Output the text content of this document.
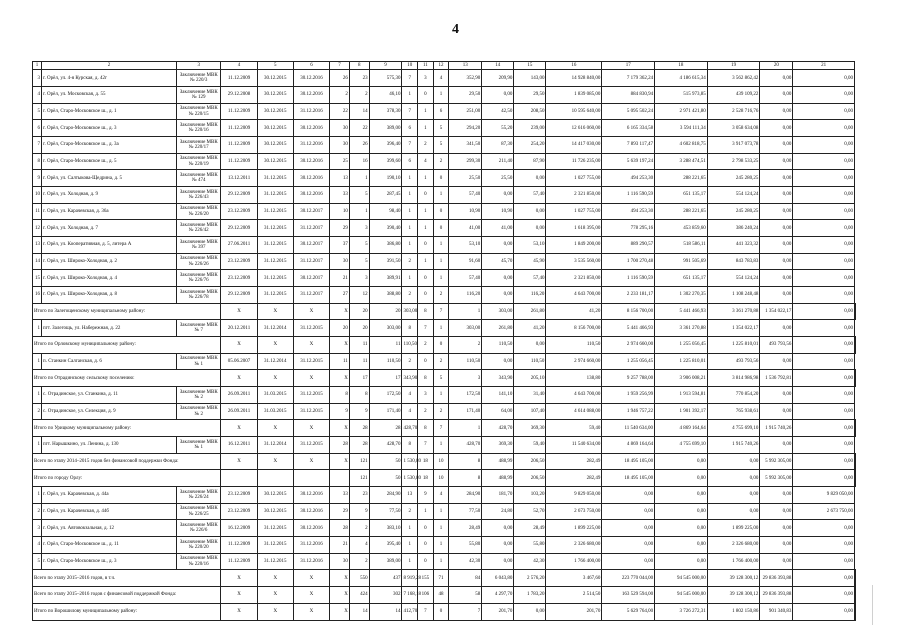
4
1	2	3	4	5	6	7	8	9	10	11	12	13	14	15	16	17	18	19	20	21	
3	г. Орёл, ул. 4-я Курская, д. 42г	Заключение МВК № 220/3	11.12.2009	30.12.2015	30.12.2016	26	23	575,30	7	3	4	352,90	209,90	143,00	14 928 840,00	7 179 362,24	4 186 615,34	3 562 862,42	0,00	0,00	
4	г. Орёл, ул. Московская, д. 55	Заключение МВК № 129	29.12.2008	30.12.2015	30.12.2016	2	2	46,10	1	0	1	29,50	0,00	29,50	1 839 085,00	884 830,94	515 973,85	439 109,22	0,00	0,00	
5	г. Орёл, Старо-Московское ш., д. 1	Заключение МВК № 220/15	11.12.2009	30.12.2015	31.12.2016	22	14	378,30	7	1	6	251,00	42,50	208,50	10 595 640,00	5 095 502,24	2 971 421,80	2 528 716,76	0,00	0,00	
6	г. Орёл, Старо-Московское ш., д. 3	Заключение МВК № 220/16	11.12.2009	30.12.2015	30.12.2016	30	22	389,00	6	1	5	294,20	55,20	239,00	12 616 060,00	6 165 334,58	3 594 111,34	3 058 634,08	0,00	0,00	
7	г. Орёл, Старо-Московское ш., д. 3а	Заключение МВК № 220/17	11.12.2009	30.12.2015	31.12.2016	30	26	396,40	7	2	5	341,50	87,30	254,20	14 417 030,00	7 893 117,47	4 602 818,75	3 917 073,78	0,00	0,00	
8	г. Орёл, Старо-Московское ш., д. 5	Заключение МВК № 220/19	11.12.2009	30.12.2015	30.12.2016	25	16	399,60	6	4	2	299,30	211,40	87,90	11 726 235,00	5 639 197,24	3 288 474,51	2 798 533,25	0,00	0,00	
9	г. Орёл, ул. Салтыкова-Щедрина, д. 5	Заключение МВК № 474	13.12.2011	31.12.2015	30.12.2016	13	1	190,10	1	1	0	25,50	25,50	0,00	1 027 755,00	494 253,30	288 221,65	245 280,25	0,00	0,00	
10	г. Орёл, ул. Холодная, д. 9	Заключение МВК № 226/43	29.12.2009	31.12.2015	30.12.2016	33	5	287,45	1	0	1	57,40	0,00	57,40	2 321 850,00	1 116 590,59	651 135,17	554 124,24	0,00	0,00	
11	г. Орёл, ул. Карачевская, д. 36а	Заключение МВК № 226/20	23.12.2009	31.12.2015	30.12.2017	10	1	98,40	1	1	0	10,90	10,90	0,00	1 027 755,00	494 253,30	288 221,65	245 280,25	0,00	0,00	
12	г. Орёл, ул. Холодная, д. 7	Заключение МВК № 226/42	29.12.2009	31.12.2015	31.12.2017	29	3	390,40	1	1	0	41,00	41,00	0,00	1 618 395,00	778 295,16	453 859,60	386 240,24	0,00	0,00	
13	г. Орёл, ул. Кооперативная, д. 5, литера А	Заключение МВК № 397	27.06.2011	31.12.2015	30.12.2017	37	5	386,80	1	0	1	53,10	0,00	53,10	1 849 200,00	889 290,57	518 586,11	441 323,32	0,00	0,00	
14	г. Орёл, ул. Широко-Холодная, д. 2	Заключение МВК № 226/26	23.12.2009	31.12.2015	31.12.2017	30	5	391,50	2	1	1	91,60	45,70	45,90	3 535 560,00	1 700 270,48	991 505,69	843 783,83	0,00	0,00	
15	г. Орёл, ул. Широко-Холодная, д. 4	Заключение МВК № 226/76	23.12.2009	31.12.2015	30.12.2017	21	3	389,91	1	0	1	57,40	0,00	57,40	2 321 850,00	1 116 590,59	651 135,17	554 124,24	0,00	0,00	
16	г. Орёл, ул. Широко-Холодная, д. 8	Заключение МВК № 226/78	29.12.2009	31.12.2015	31.12.2017	27	12	388,80	2	0	2	116,20	0,00	116,20	4 643 700,00	2 233 181,17	1 302 270,35	1 108 248,48	0,00	0,00	
Итого по Залегощенскому муниципальному району:			X	X	X	X	20	20	303,00	8	7	1	303,00	261,80	41,20	8 156 700,00	5 441 466,93	3 361 270,88	1 354 022,17	0,00	
1	пгт. Залегощь, ул. Набережная, д. 22	Заключение МВК № 7	20.12.2011	31.12.2014	31.12.2015	20	20	303,00	8	7	1	303,00	261,80	41,20	8 156 700,00	5 441 466,93	3 361 270,88	1 354 022,17	0,00	0,00	
Итого по Орловскому муниципальному району:			X	X	X	X	11	11	110,50	2	0	2	110,50	0,00	110,50	2 974 660,00	1 255 056,45	1 225 810,01	493 793,56	0,00	
1	п. Станкин Салганская, д. 6	Заключение МВК № 1	05.06.2007	31.12.2014	31.12.2015	11	11	110,50	2	0	2	110,50	0,00	110,50	2 974 660,00	1 255 056,45	1 225 810,01	493 793,56	0,00	0,00	
Итого по Отрадинскому сельскому поселению:			X	X	X	X	17	17	343,90	8	5	3	343,90	205,10	138,80	9 257 788,00	3 906 008,21	3 814 986,98	1 536 792,81	0,00	
1	с. Отрадинское, ул. Станкина, д. 11	Заключение МВК № 2	26.09.2011	31.03.2015	31.12.2015	8	8	172,50	4	3	1	172,50	141,10	31,40	4 643 700,00	1 959 256,99	1 913 594,81	770 854,20	0,00	0,00	
2	с. Отрадинское, ул. Селекция, д. 9	Заключение МВК № 2	26.09.2011	31.03.2015	31.12.2015	9	9	171,40	4	2	2	171,40	64,00	107,40	4 614 088,00	1 946 757,22	1 901 392,17	765 938,61	0,00	0,00	
Итого по Урицкому муниципальному району:			X	X	X	X	28	28	428,70	8	7	1	428,70	369,30	59,40	11 540 634,00	4 869 164,64	4 755 699,10	1 915 740,26	0,00	
1	пгт. Нарышкино, ул. Ленина, д. 130	Заключение МВК № 1	16.12.2011	31.12.2014	31.12.2015	28	28	428,70	8	7	1	428,70	369,30	59,40	11 540 634,00	4 869 164,64	4 755 699,10	1 915 740,26	0,00	0,00	
Всего по этапу 2014–2015 годов без финансовой поддержки Фонда:			X	X	X	X	121	50	1 530,80	18	10	8	488,99	206,50	282,49	18 495 105,00	0,00	0,00	5 992 305,00	0,00	
Итого по городу Орлу:							121	50	1 530,80	18	10	8	488,99	206,50	282,49	18 495 105,00	0,00	0,00	5 992 305,00	0,00	
1	г. Орёл, ул. Карачевская, д. 44а	Заключение МВК № 226/24	23.12.2009	30.12.2015	30.12.2016	33	23	284,90	13	9	4	284,90	181,70	103,20	9 829 050,00	0,00	0,00	0,00	0,00	9 829 050,00	
2	г. Орёл, ул. Карачевская, д. 44б	Заключение МВК № 226/25	23.12.2009	30.12.2015	30.12.2016	29	9	77,50	2	1	1	77,50	24,80	52,70	2 673 750,00	0,00	0,00	0,00	0,00	2 673 750,00	
3	г. Орёл, ул. Автовокзальная, д. 12	Заключение МВК № 226/6	16.12.2009	31.12.2015	30.12.2016	28	2	383,10	1	0	1	28,49	0,00	28,49	1 899 225,00	0,00	0,00	1 899 225,00	0,00	0,00	
4	г. Орёл, Старо-Московское ш., д. 11	Заключение МВК № 220/20	11.12.2009	31.12.2015	31.12.2016	21	4	395,40	1	0	1	55,80	0,00	55,80	2 326 680,00	0,00	0,00	2 326 680,00	0,00	0,00	
5	г. Орёл, Старо-Московское ш., д. 3	Заключение МВК № 220/16	11.12.2009	31.12.2015	31.12.2016	30	2	389,00	1	0	1	42,30	0,00	42,30	1 766 400,00	0,00	0,00	1 766 400,00	0,00	0,00	
Всего по этапу 2015–2016 годов, в т.ч.			X	X	X	X	550	437	8 919,28	155	71	84	6 043,80	2 576,20	3 467,60	223 770 044,00	94 545 000,00	39 128 300,12	29 836 393,88	0,00	
Всего по этапу 2015–2016 годов с финансовой поддержкой Фонда:			X	X	X	X	424	302	7 168,18	106	48	58	4 297,70	1 783,20	2 514,50	163 529 594,00	94 545 000,00	39 128 300,12	29 836 393,88	0,00	
Итого по Ворошилову муниципальному району:			X	X	X	X	14	14	412,70	7	0	7	201,70	0,00	201,70	5 629 764,00	3 726 272,31	1 802 150,86	901 340,83	0,00	
